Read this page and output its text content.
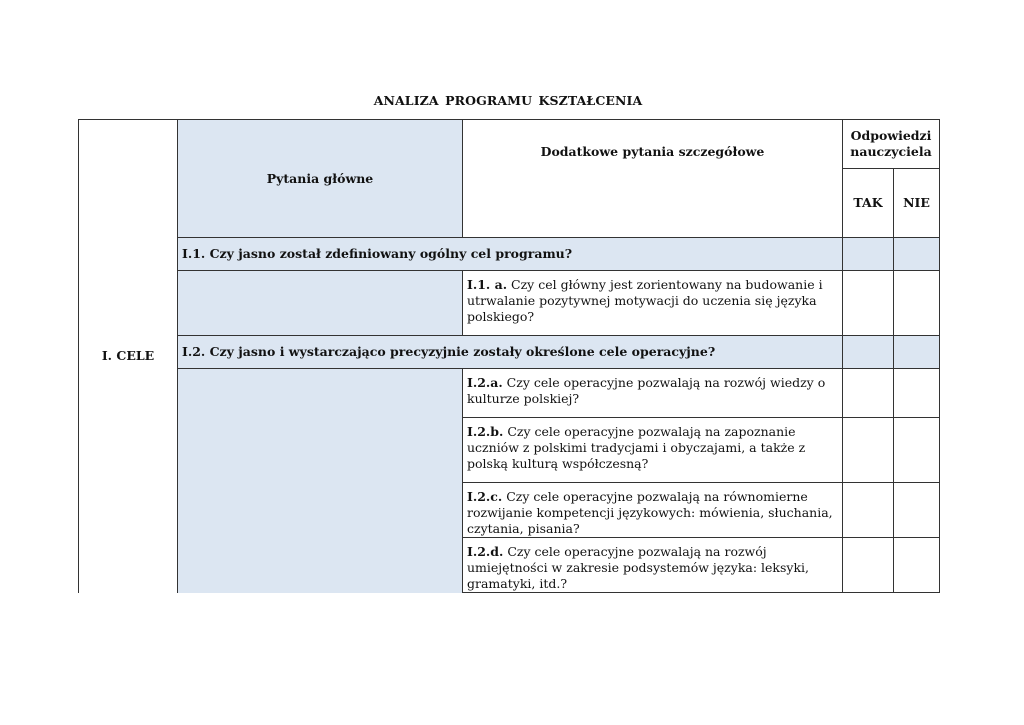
ANALIZA PROGRAMU KSZTAŁCENIA
I. CELE	Pytania główne	Dodatkowe pytania szczegółowe	Odpowiedzi nauczyciela	
			TAK	NIE
	I.1. Czy jasno został zdefiniowany ogólny cel programu?			
		I.1. a. Czy cel główny jest zorientowany na budowanie i utrwalanie pozytywnej motywacji do uczenia się języka polskiego?		
	I.2. Czy jasno i wystarczająco precyzyjnie zostały określone cele operacyjne?			
		I.2.a. Czy cele operacyjne pozwalają na rozwój wiedzy o kulturze polskiej?		
		I.2.b. Czy cele operacyjne pozwalają na zapoznanie uczniów z polskimi tradycjami i obyczajami, a także z polską kulturą współczesną?		
		I.2.c. Czy cele operacyjne pozwalają na równomierne rozwijanie kompetencji językowych: mówienia, słuchania, czytania, pisania?		
		I.2.d. Czy cele operacyjne pozwalają na rozwój umiejętności w zakresie podsystemów języka: leksyki, gramatyki, itd.?		
